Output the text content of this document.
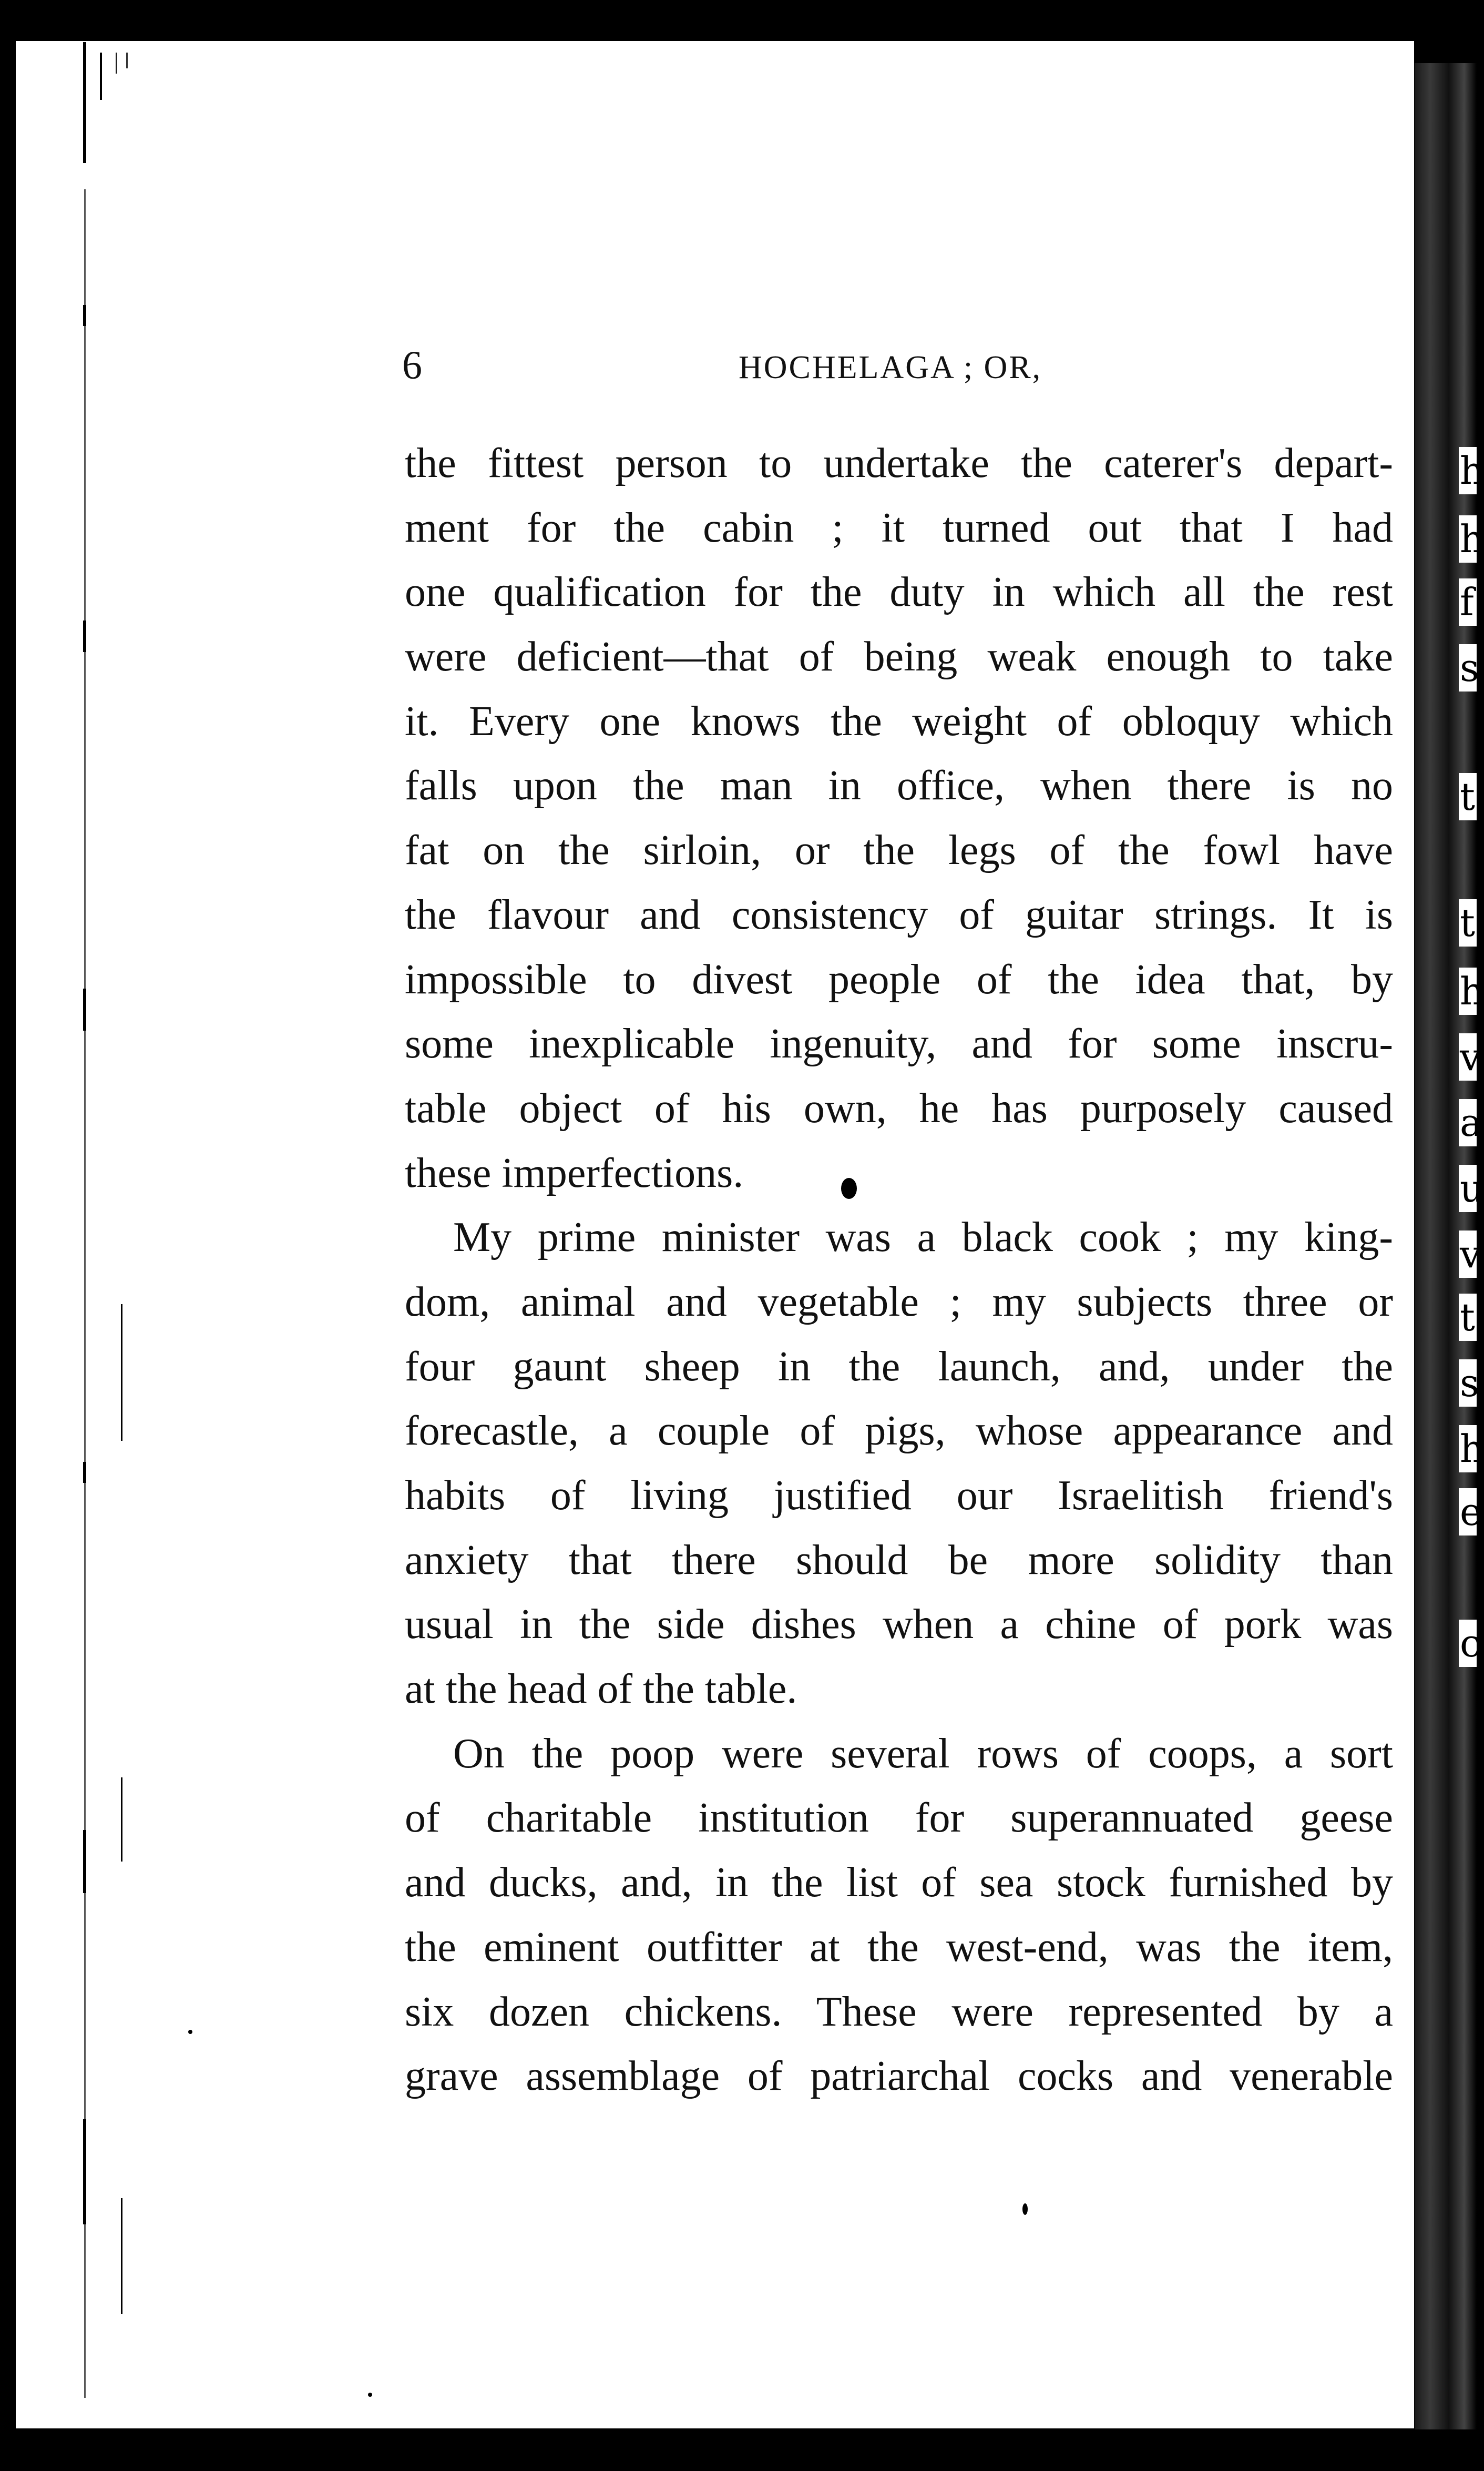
h
h
f
s
t
t
h
v
a
u
v
t
s
h
e
c
6	HOCHELAGA ; OR,
the fittest person to undertake the caterer's depart-
ment for the cabin ; it turned out that I had
one qualification for the duty in which all the rest
were deficient—that of being weak enough to take
it. Every one knows the weight of obloquy which
falls upon the man in office, when there is no
fat on the sirloin, or the legs of the fowl have
the flavour and consistency of guitar strings. It is
impossible to divest people of the idea that, by
some inexplicable ingenuity, and for some inscru-
table object of his own, he has purposely caused
these imperfections.
My prime minister was a black cook ; my king-
dom, animal and vegetable ; my subjects three or
four gaunt sheep in the launch, and, under the
forecastle, a couple of pigs, whose appearance and
habits of living justified our Israelitish friend's
anxiety that there should be more solidity than
usual in the side dishes when a chine of pork was
at the head of the table.
On the poop were several rows of coops, a sort
of charitable institution for superannuated geese
and ducks, and, in the list of sea stock furnished by
the eminent outfitter at the west-end, was the item,
six dozen chickens. These were represented by a
grave assemblage of patriarchal cocks and venerable
